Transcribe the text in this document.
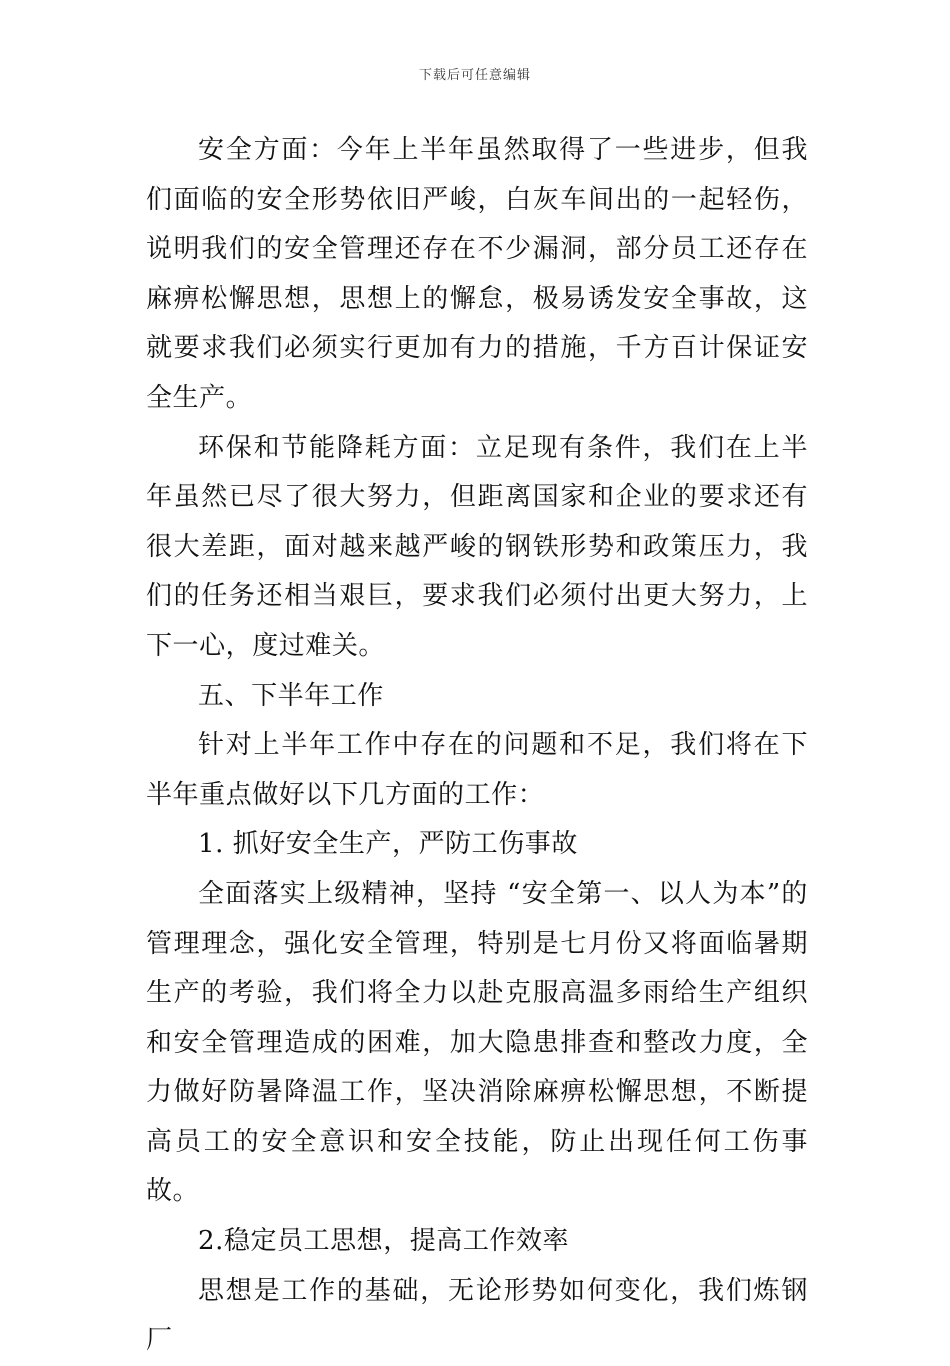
下载后可任意编辑

安全方面：今年上半年虽然取得了一些进步，但我们面临的安全形势依旧严峻，白灰车间出的一起轻伤，说明我们的安全管理还存在不少漏洞，部分员工还存在麻痹松懈思想，思想上的懈怠，极易诱发安全事故，这就要求我们必须实行更加有力的措施，千方百计保证安全生产。

环保和节能降耗方面：立足现有条件，我们在上半年虽然已尽了很大努力，但距离国家和企业的要求还有很大差距，面对越来越严峻的钢铁形势和政策压力，我们的任务还相当艰巨，要求我们必须付出更大努力，上下一心，度过难关。

五、下半年工作

针对上半年工作中存在的问题和不足，我们将在下半年重点做好以下几方面的工作：

1. 抓好安全生产，严防工伤事故

全面落实上级精神，坚持 “安全第一、以人为本”的管理理念，强化安全管理，特别是七月份又将面临暑期生产的考验，我们将全力以赴克服高温多雨给生产组织和安全管理造成的困难，加大隐患排查和整改力度，全力做好防暑降温工作，坚决消除麻痹松懈思想，不断提高员工的安全意识和安全技能，防止出现任何工伤事故。

2.稳定员工思想，提高工作效率

思想是工作的基础，无论形势如何变化，我们炼钢厂
